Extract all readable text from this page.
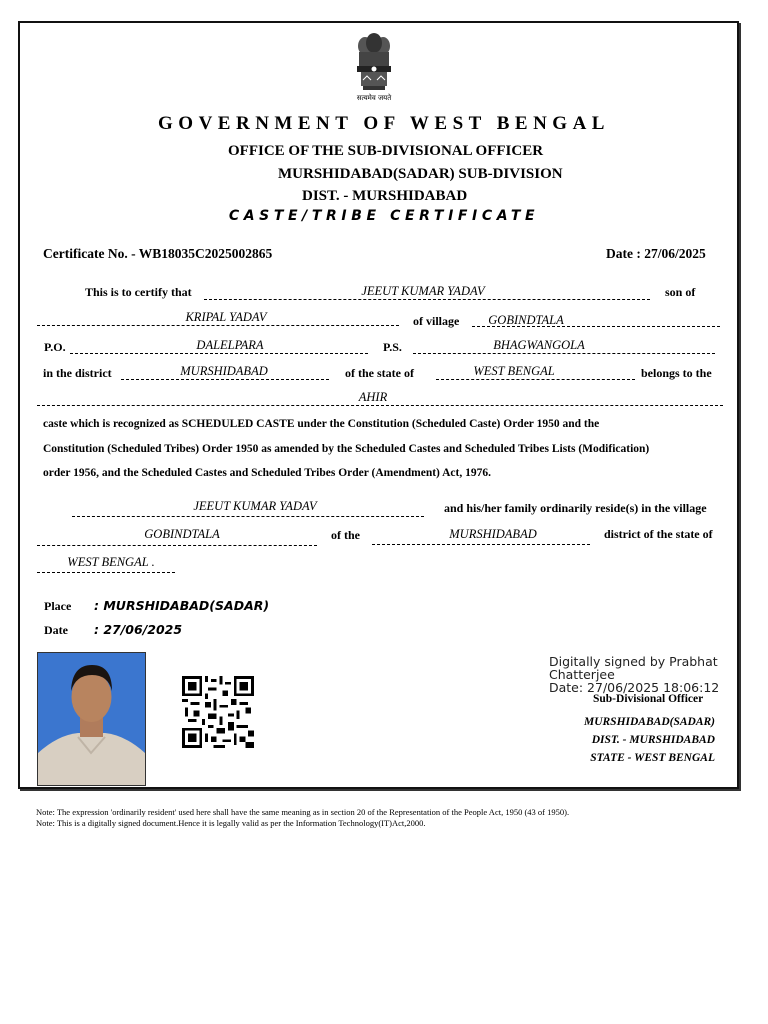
सत्यमेव जयते
GOVERNMENT OF WEST BENGAL
OFFICE OF THE SUB-DIVISIONAL OFFICER
MURSHIDABAD(SADAR) SUB-DIVISION
DIST. - MURSHIDABAD
CASTE/TRIBE CERTIFICATE
Certificate No. - WB18035C2025002865	Date : 27/06/2025
This is to certify that	JEEUT KUMAR YADAV	son of
KRIPAL YADAV	of village	GOBINDTALA
P.O.	DALELPARA	P.S.	BHAGWANGOLA
in the district	MURSHIDABAD	of the state of	WEST BENGAL	belongs to the
AHIR
caste which is recognized as SCHEDULED CASTE under the Constitution (Scheduled Caste) Order 1950 and the
Constitution (Scheduled Tribes) Order 1950 as amended by the Scheduled Castes and Scheduled Tribes Lists (Modification)
order 1956, and the Scheduled Castes and Scheduled Tribes Order (Amendment) Act, 1976.
JEEUT KUMAR YADAV	and his/her family ordinarily reside(s) in the village
GOBINDTALA	of the	MURSHIDABAD	district of the state of
WEST BENGAL .
Place : MURSHIDABAD(SADAR)
Date : 27/06/2025
Digitally signed by Prabhat
Chatterjee
Date: 27/06/2025 18:06:12
Sub-Divisional Officer
MURSHIDABAD(SADAR)
DIST. - MURSHIDABAD
STATE - WEST BENGAL
Note: The expression 'ordinarily resident' used here shall have the same meaning as in section 20 of the Representation of the People Act, 1950 (43 of 1950).
Note: This is a digitally signed document.Hence it is legally valid as per the Information Technology(IT)Act,2000.
